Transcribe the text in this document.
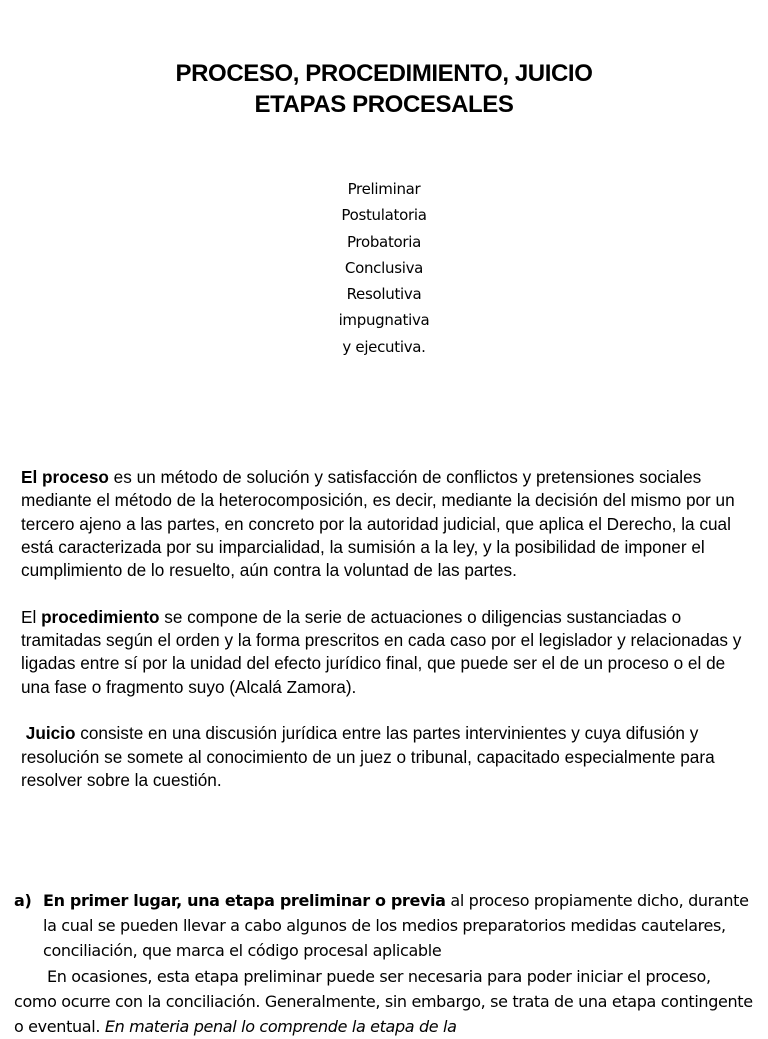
PROCESO, PROCEDIMIENTO, JUICIO
ETAPAS PROCESALES
Preliminar
Postulatoria
Probatoria
Conclusiva
Resolutiva
impugnativa
y ejecutiva.

El proceso es un método de solución y satisfacción de conflictos y pretensiones sociales mediante el método de la heterocomposición, es decir, mediante la decisión del mismo por un tercero ajeno a las partes, en concreto por la autoridad judicial, que aplica el Derecho, la cual está caracterizada por su imparcialidad, la sumisión a la ley, y la posibilidad de imponer el cumplimiento de lo resuelto, aún contra la voluntad de las partes.

El procedimiento se compone de la serie de actuaciones o diligencias sustanciadas o tramitadas según el orden y la forma prescritos en cada caso por el legislador y relacionadas y ligadas entre sí por la unidad del efecto jurídico final, que puede ser el de un proceso o el de una fase o fragmento suyo (Alcalá Zamora).

Juicio consiste en una discusión jurídica entre las partes intervinientes y cuya difusión y resolución se somete al conocimiento de un juez o tribunal, capacitado especialmente para resolver sobre la cuestión.

a) En primer lugar, una etapa preliminar o previa al proceso propiamente dicho, durante la cual se pueden llevar a cabo algunos de los medios preparatorios medidas cautelares, conciliación, que marca el código procesal aplicable
En ocasiones, esta etapa preliminar puede ser necesaria para poder iniciar el proceso, como ocurre con la conciliación. Generalmente, sin embargo, se trata de una etapa contingente o eventual. En materia penal lo comprende la etapa de la
